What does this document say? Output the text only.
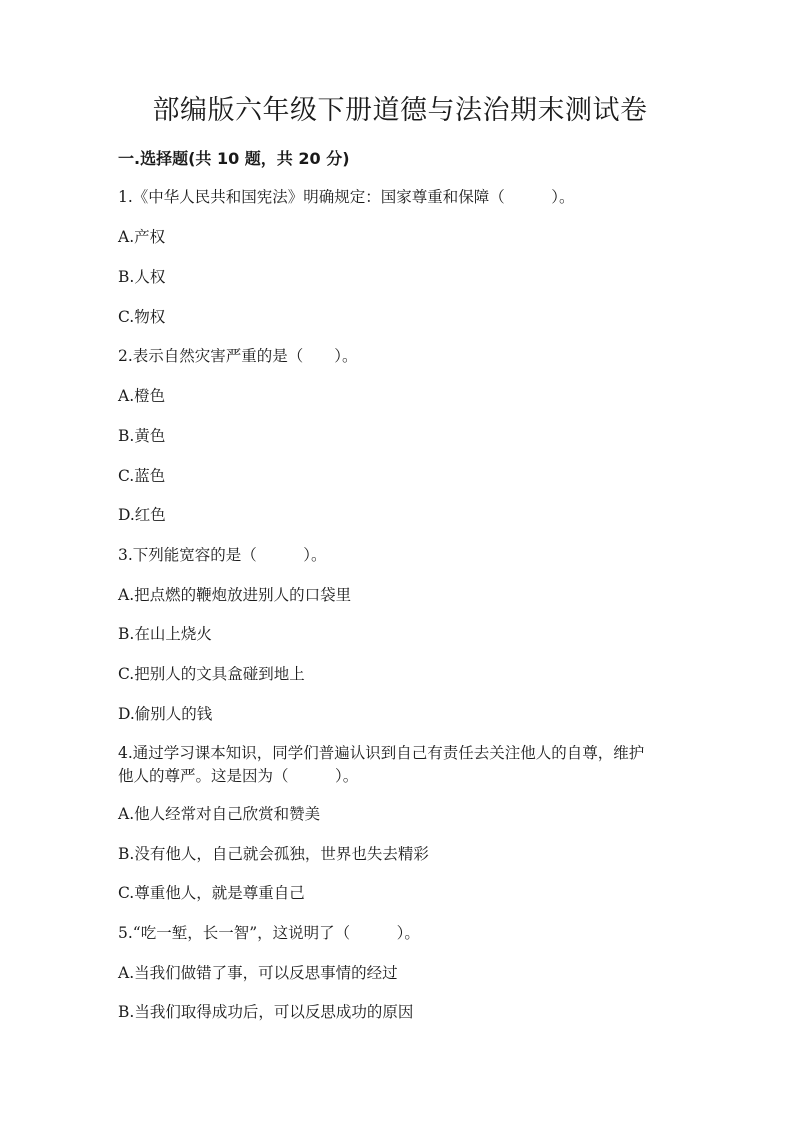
部编版六年级下册道德与法治期末测试卷
一.选择题(共 10 题，共 20 分)
1.《中华人民共和国宪法》明确规定：国家尊重和保障（　　　）。
A.产权
B.人权
C.物权
2.表示自然灾害严重的是（　　）。
A.橙色
B.黄色
C.蓝色
D.红色
3.下列能宽容的是（　　　）。
A.把点燃的鞭炮放进别人的口袋里
B.在山上烧火
C.把别人的文具盒碰到地上
D.偷别人的钱
4.通过学习课本知识，同学们普遍认识到自己有责任去关注他人的自尊，维护
他人的尊严。这是因为（　　　）。
A.他人经常对自己欣赏和赞美
B.没有他人，自己就会孤独，世界也失去精彩
C.尊重他人，就是尊重自己
5.“吃一堑，长一智”，这说明了（　　　）。
A.当我们做错了事，可以反思事情的经过
B.当我们取得成功后，可以反思成功的原因
